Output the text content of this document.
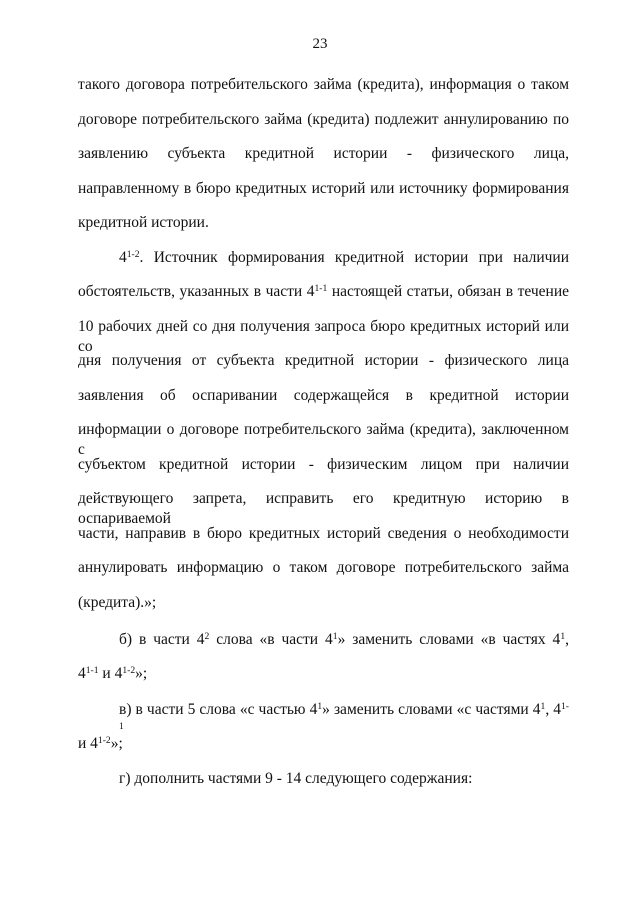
23
такого договора потребительского займа (кредита), информация о таком
договоре потребительского займа (кредита) подлежит аннулированию по
заявлению субъекта кредитной истории - физического лица,
направленному в бюро кредитных историй или источнику формирования
кредитной истории.
4$^{1-2}$. Источник формирования кредитной истории при наличии
обстоятельств, указанных в части 4$^{1-1}$ настоящей статьи, обязан в течение
10 рабочих дней со дня получения запроса бюро кредитных историй или со
дня получения от субъекта кредитной истории - физического лица
заявления об оспаривании содержащейся в кредитной истории
информации о договоре потребительского займа (кредита), заключенном с
субъектом кредитной истории - физическим лицом при наличии
действующего запрета, исправить его кредитную историю в оспариваемой
части, направив в бюро кредитных историй сведения о необходимости
аннулировать информацию о таком договоре потребительского займа
(кредита).»;
б) в части $4^2$ слова «в части $4^1$» заменить словами «в частях $4^1$,
4$^{1-1}$ и 4$^{1-2}$»;
в) в части 5 слова «с частью $4^1$» заменить словами «с частями $4^1$, 4$^{1-1}$
и 4$^{1-2}$»;
г) дополнить частями 9 - 14 следующего содержания:
